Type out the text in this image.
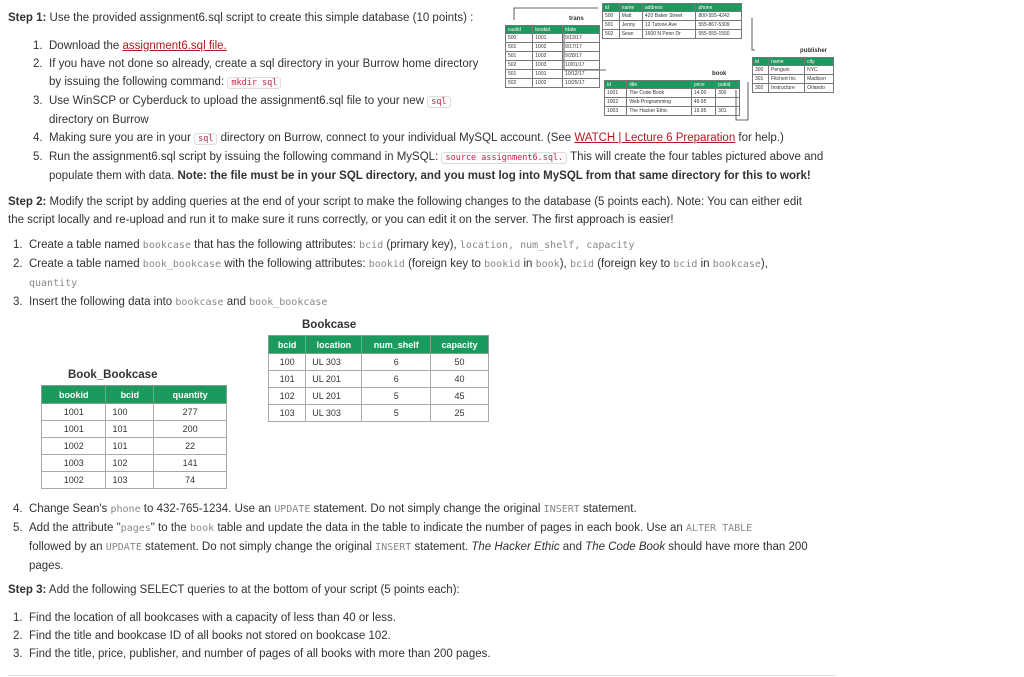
Step 1: Use the provided assignment6.sql script to create this simple database (10 points) :
1. Download the assignment6.sql file.
2. If you have not done so already, create a sql directory in your Burrow home directory
by issuing the following command: mkdir sql
3. Use WinSCP or Cyberduck to upload the assignment6.sql file to your new sql
directory on Burrow
4. Making sure you are in your sql directory on Burrow, connect to your individual MySQL account. (See WATCH | Lecture 6 Preparation for help.)
5. Run the assignment6.sql script by issuing the following command in MySQL: source assignment6.sql. This will create the four tables pictured above and
populate them with data. Note: the file must be in your SQL directory, and you must log into MySQL from that same directory for this to work!
trans
custid	bookid	tdate
500	1001	9/13/17
501	1002	9/17/17
501	1002	9/28/17
502	1003	10/01/17
501	1001	10/12/17
502	1002	10/25/17
id	name	address	phone
500	Matt	420 Baker Street	800-555-4242
501	Jenny	12 Tutone Ave	555-867-5309
502	Sean	1600 N Penn Dr	555-555-1550
book
id	title	price	pubid
1001	The Code Book	14.00	300
1002	Web Programming	49.95	
1003	The Hacker Ethic	19.95	301
publisher
id	name	city
300	Penguin	NYC
301	Fitchert Inc	Madison
302	Instructure	Orlando
Step 2: Modify the script by adding queries at the end of your script to make the following changes to the database (5 points each). Note: You can either edit
the script locally and re-upload and run it to make sure it runs correctly, or you can edit it on the server. The first approach is easier!
1. Create a table named bookcase that has the following attributes: bcid (primary key), location, num_shelf, capacity
2. Create a table named book_bookcase with the following attributes: bookid (foreign key to bookid in book), bcid (foreign key to bcid in bookcase),
quantity
3. Insert the following data into bookcase and book_bookcase
Bookcase
bcid	location	num_shelf	capacity
100	UL 303	6	50
101	UL 201	6	40
102	UL 201	5	45
103	UL 303	5	25
Book_Bookcase
bookid	bcid	quantity
1001	100	277
1001	101	200
1002	101	22
1003	102	141
1002	103	74
4. Change Sean's phone to 432-765-1234. Use an UPDATE statement. Do not simply change the original INSERT statement.
5. Add the attribute "pages" to the book table and update the data in the table to indicate the number of pages in each book. Use an ALTER TABLE
followed by an UPDATE statement. Do not simply change the original INSERT statement. The Hacker Ethic and The Code Book should have more than 200
pages.
Step 3: Add the following SELECT queries to at the bottom of your script (5 points each):
1. Find the location of all bookcases with a capacity of less than 40 or less.
2. Find the title and bookcase ID of all books not stored on bookcase 102.
3. Find the title, price, publisher, and number of pages of all books with more than 200 pages.
